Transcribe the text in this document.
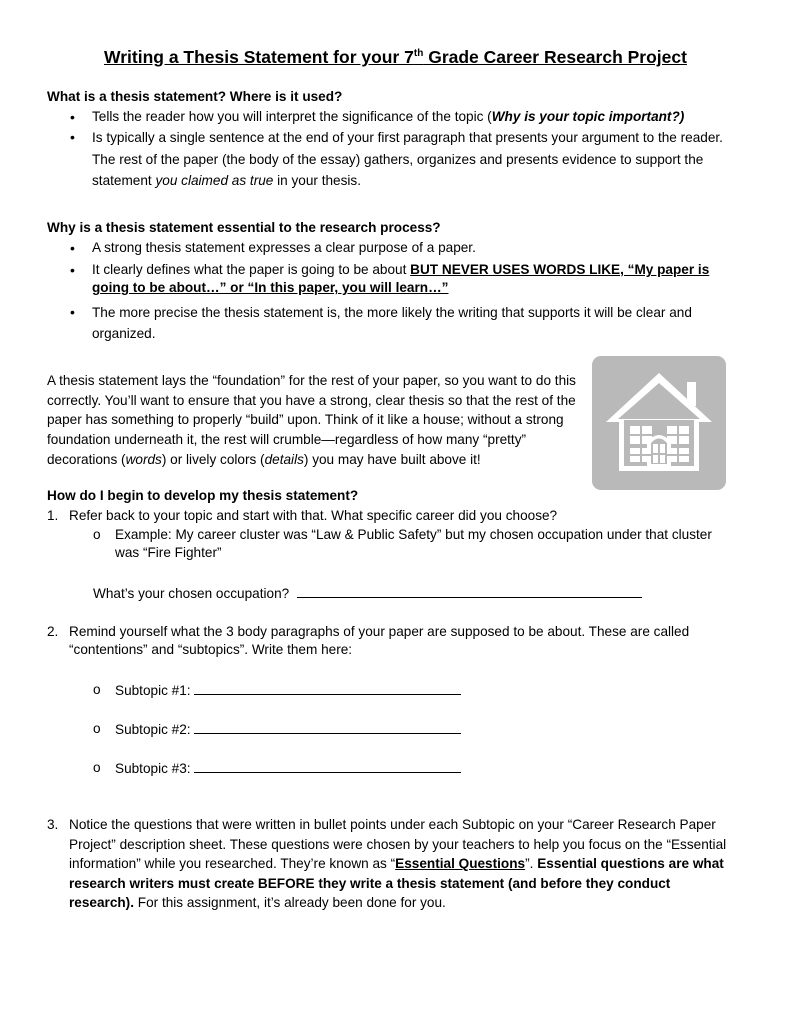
Writing a Thesis Statement for your 7th Grade Career Research Project
What is a thesis statement? Where is it used?
• Tells the reader how you will interpret the significance of the topic (Why is your topic important?)
• Is typically a single sentence at the end of your first paragraph that presents your argument to the reader. The rest of the paper (the body of the essay) gathers, organizes and presents evidence to support the statement you claimed as true in your thesis.
Why is a thesis statement essential to the research process?
• A strong thesis statement expresses a clear purpose of a paper.
• It clearly defines what the paper is going to be about BUT NEVER USES WORDS LIKE, “My paper is going to be about…” or “In this paper, you will learn…”
• The more precise the thesis statement is, the more likely the writing that supports it will be clear and organized.

A thesis statement lays the “foundation” for the rest of your paper, so you want to do this correctly. You’ll want to ensure that you have a strong, clear thesis so that the rest of the paper has something to properly “build” upon. Think of it like a house; without a strong foundation underneath it, the rest will crumble—regardless of how many “pretty” decorations (words) or lively colors (details) you may have built above it!

How do I begin to develop my thesis statement?
1. Refer back to your topic and start with that. What specific career did you choose?
o Example: My career cluster was “Law & Public Safety” but my chosen occupation under that cluster was “Fire Fighter”
What’s your chosen occupation?
2. Remind yourself what the 3 body paragraphs of your paper are supposed to be about. These are called “contentions” and “subtopics”. Write them here:
o Subtopic #1:
o Subtopic #2:
o Subtopic #3:
3. Notice the questions that were written in bullet points under each Subtopic on your “Career Research Paper Project” description sheet. These questions were chosen by your teachers to help you focus on the “Essential information” while you researched. They’re known as “Essential Questions”. Essential questions are what research writers must create BEFORE they write a thesis statement (and before they conduct research). For this assignment, it’s already been done for you.
